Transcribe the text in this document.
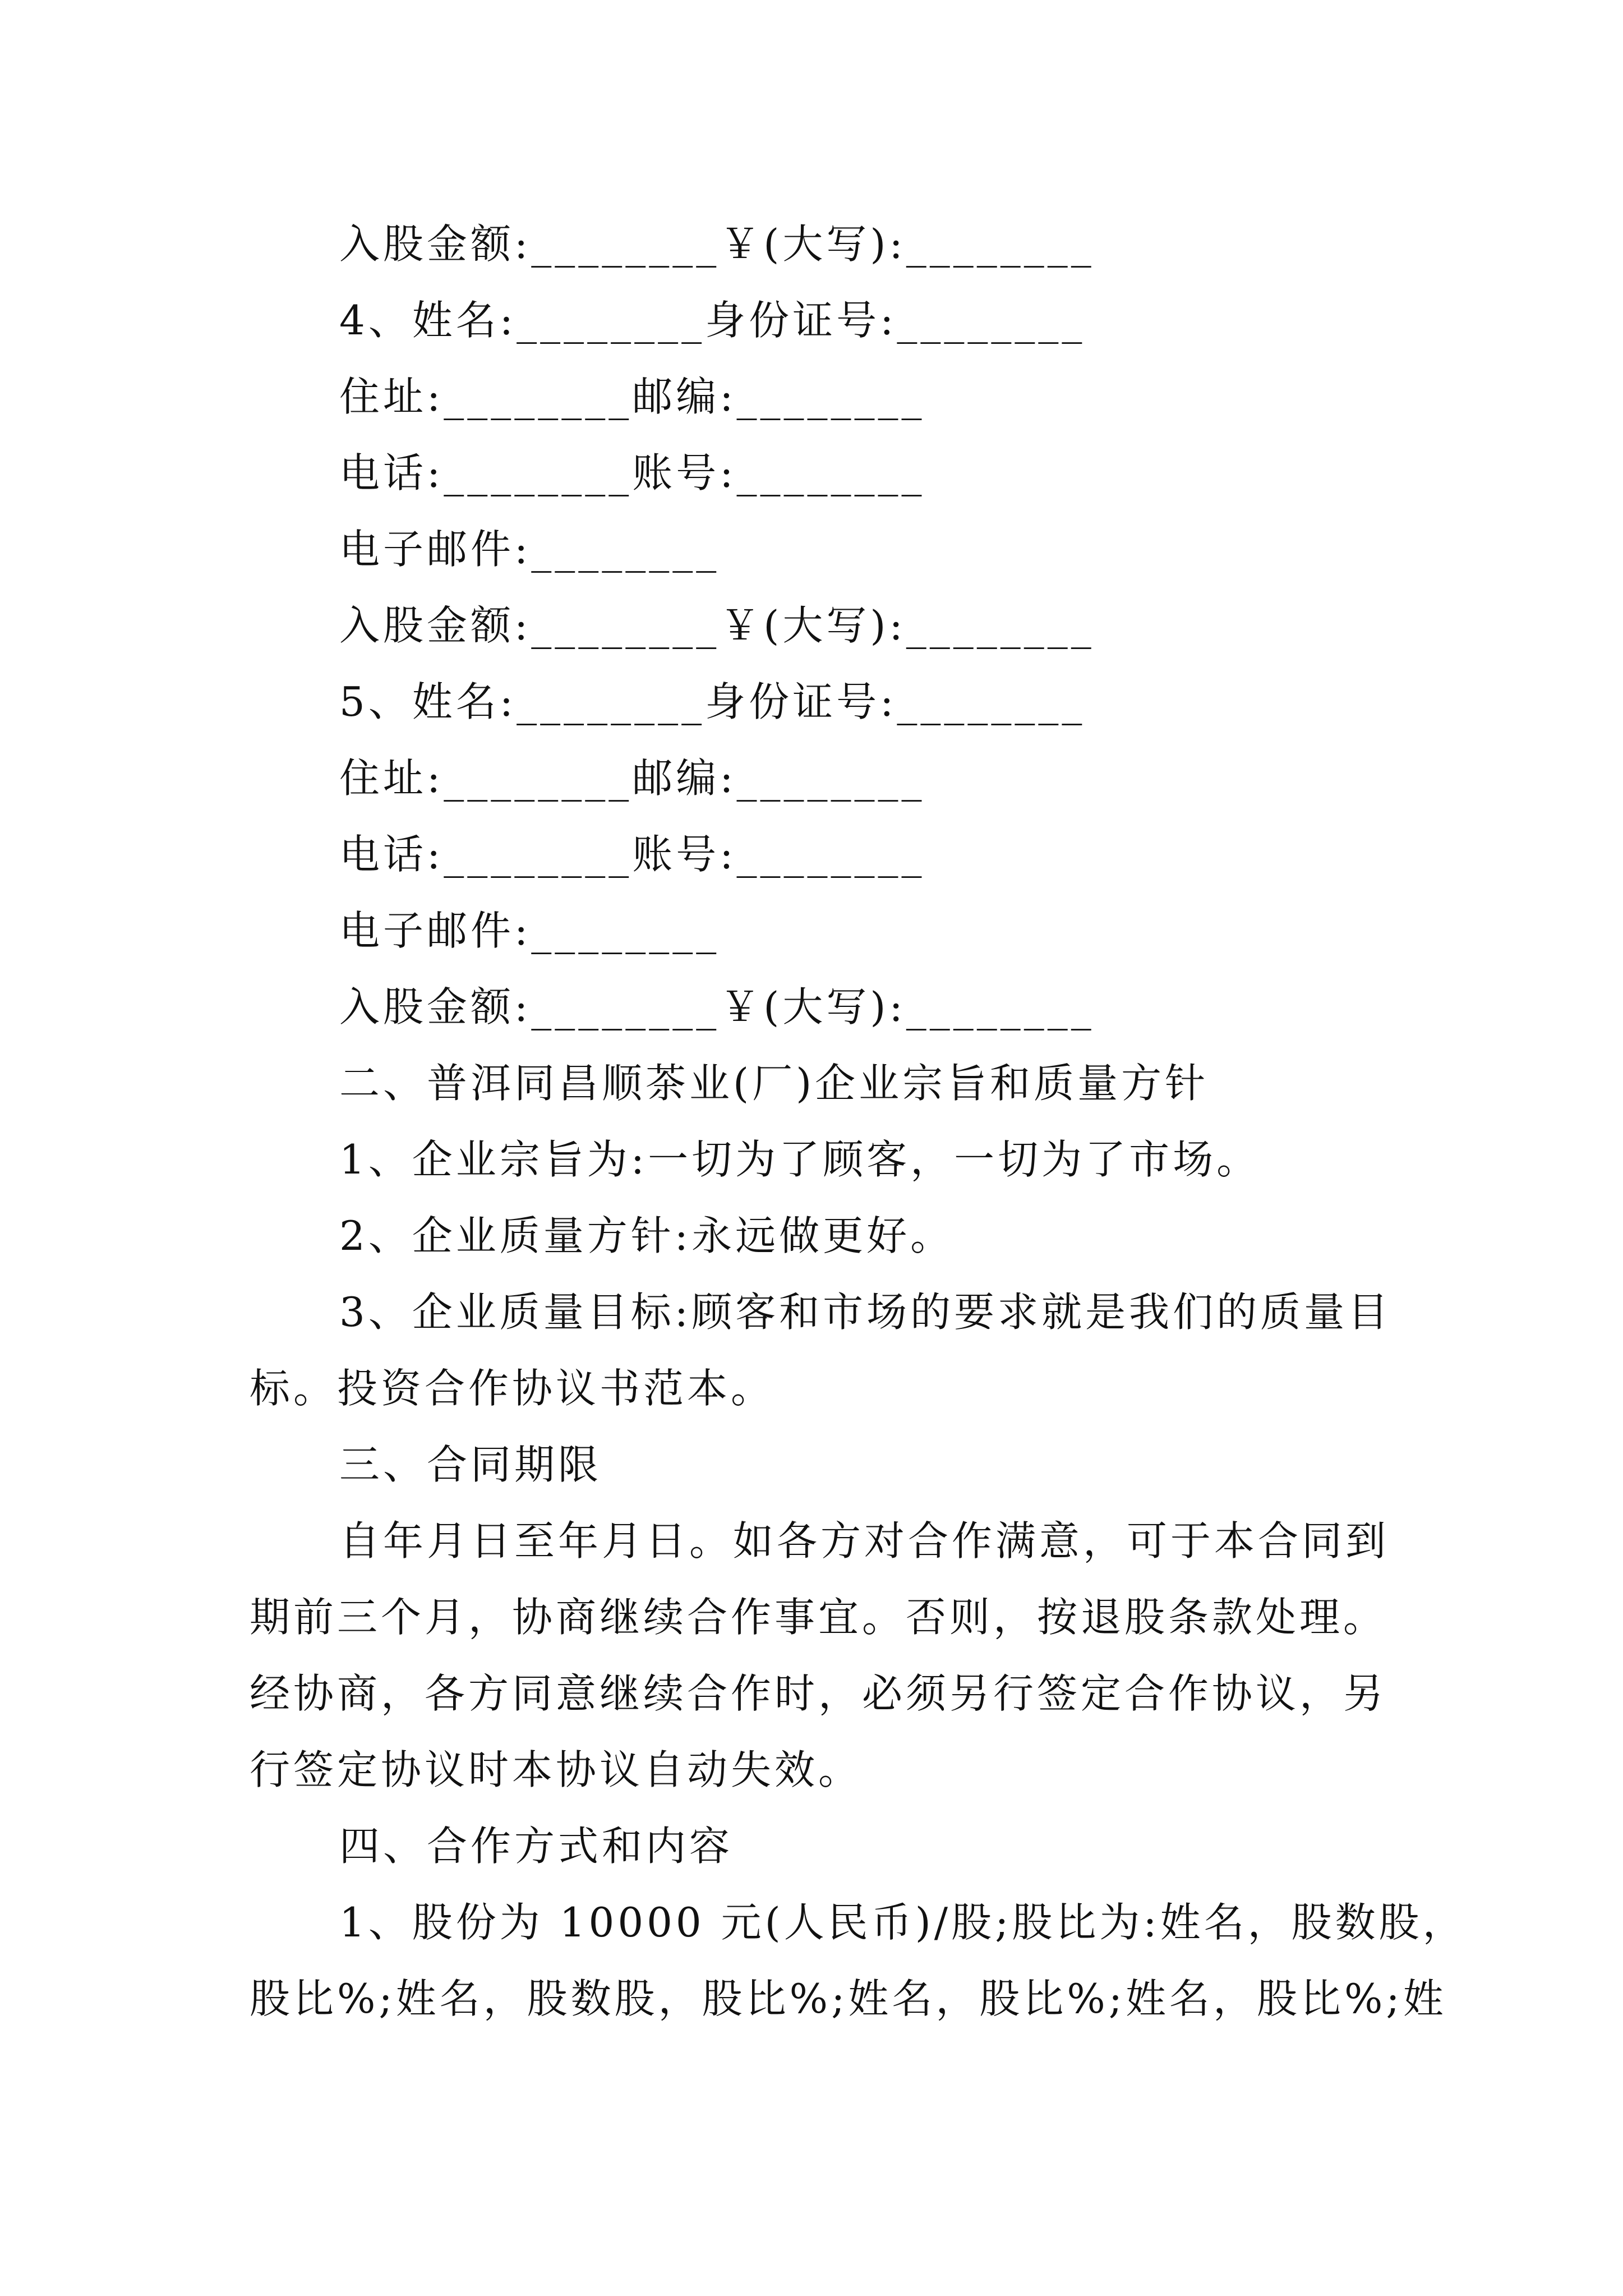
入股金额:________￥(大写):________
4、姓名:________身份证号:________
住址:________邮编:________
电话:________账号:________
电子邮件:________
入股金额:________￥(大写):________
5、姓名:________身份证号:________
住址:________邮编:________
电话:________账号:________
电子邮件:________
入股金额:________￥(大写):________
二、普洱同昌顺茶业(厂)企业宗旨和质量方针
1、企业宗旨为:一切为了顾客，一切为了市场。
2、企业质量方针:永远做更好。
3、企业质量目标:顾客和市场的要求就是我们的质量目
标。投资合作协议书范本。
三、合同期限
自年月日至年月日。如各方对合作满意，可于本合同到
期前三个月，协商继续合作事宜。否则，按退股条款处理。
经协商，各方同意继续合作时，必须另行签定合作协议，另
行签定协议时本协议自动失效。
四、合作方式和内容
1、股份为 10000 元(人民币)/股;股比为:姓名，股数股，
股比%;姓名，股数股，股比%;姓名，股比%;姓名，股比%;姓
